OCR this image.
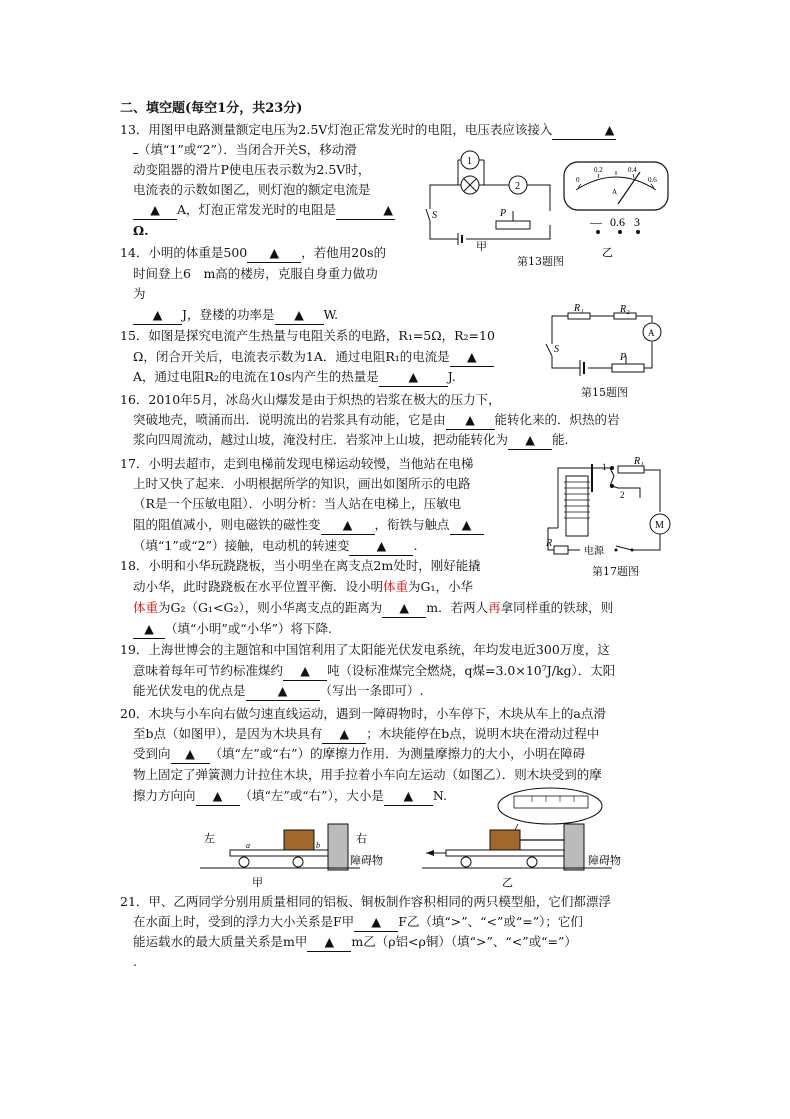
二、填空题(每空1分，共23分)
13．用图甲电路测量额定电压为2.5V灯泡正常发光时的电阻，电压表应该接入	▲
（填“1”或“2”）．当闭合开关S，移动滑
动变阻器的滑片P使电压表示数为2.5V时，
电流表的示数如图乙，则灯泡的额定电流是
▲ A，灯泡正常发光时的电阻是	▲
Ω.
1
2
S	P
甲
0
0.2	0.4
0.6
A
— 0.6 3
乙
第13题图
14．小明的体重是500 ▲ ，若他用20s的
时间登上6　m高的楼房，克服自身重力做功
为
▲ J，登楼的功率是 ▲ W.
15．如图是探究电流产生热量与电阻关系的电路，R₁=5Ω，R₂=10
Ω，闭合开关后，电流表示数为1A．通过电阻R₁的电流是 ▲
A，通过电阻R₂的电流在10s内产生的热量是 ▲ J.
R₁	R₂
A
S
P
第15题图
16．2010年5月，冰岛火山爆发是由于炽热的岩浆在极大的压力下，
突破地壳，喷涌而出．说明流出的岩浆具有动能，它是由 ▲ 能转化来的．炽热的岩
浆向四周流动，越过山坡，淹没村庄．岩浆冲上山坡，把动能转化为 ▲ 能.
17．小明去超市，走到电梯前发现电梯运动较慢，当他站在电梯
上时又快了起来．小明根据所学的知识，画出如图所示的电路
（R是一个压敏电阻）．小明分析：当人站在电梯上，压敏电
阻的阻值减小，则电磁铁的磁性变 ▲ ，衔铁与触点 ▲
（填“1”或“2”）接触，电动机的转速变 ▲ .
1
2
R₁
M
R
电源
第17题图
18．小明和小华玩跷跷板，当小明坐在离支点2m处时，刚好能撬
动小华，此时跷跷板在水平位置平衡．设小明体重为G₁，小华
体重为G₂（G₁<G₂），则小华离支点的距离为 ▲ m．若两人再拿同样重的铁球，则
▲ （填“小明”或“小华”）将下降.
19．上海世博会的主题馆和中国馆利用了太阳能光伏发电系统，年均发电近300万度，这
意味着每年可节约标准煤约 ▲ 吨（设标准煤完全燃烧，q煤=3.0×10⁷J/kg）．太阳
能光伏发电的优点是	▲	（写出一条即可）.
20．木块与小车向右做匀速直线运动，遇到一障碍物时，小车停下，木块从车上的a点滑
至b点（如图甲），是因为木块具有 ▲ ；木块能停在b点，说明木块在滑动过程中
受到向 ▲ （填“左”或“右”）的摩擦力作用．为测量摩擦力的大小，小明在障碍
物上固定了弹簧测力计拉住木块，用手拉着小车向左运动（如图乙）．则木块受到的摩
擦力方向向 ▲ （填“左”或“右”），大小是 ▲ N.
左	右
障碍物
a	b
甲
障碍物
乙
21．甲、乙两同学分别用质量相同的铝板、铜板制作容积相同的两只模型船，它们都漂浮
在水面上时，受到的浮力大小关系是F甲 ▲ F乙（填“>”、“<”或“=”）；它们
能运载水的最大质量关系是m甲 ▲ m乙（ρ铝<ρ铜）（填“>”、“<”或“=”）
.
